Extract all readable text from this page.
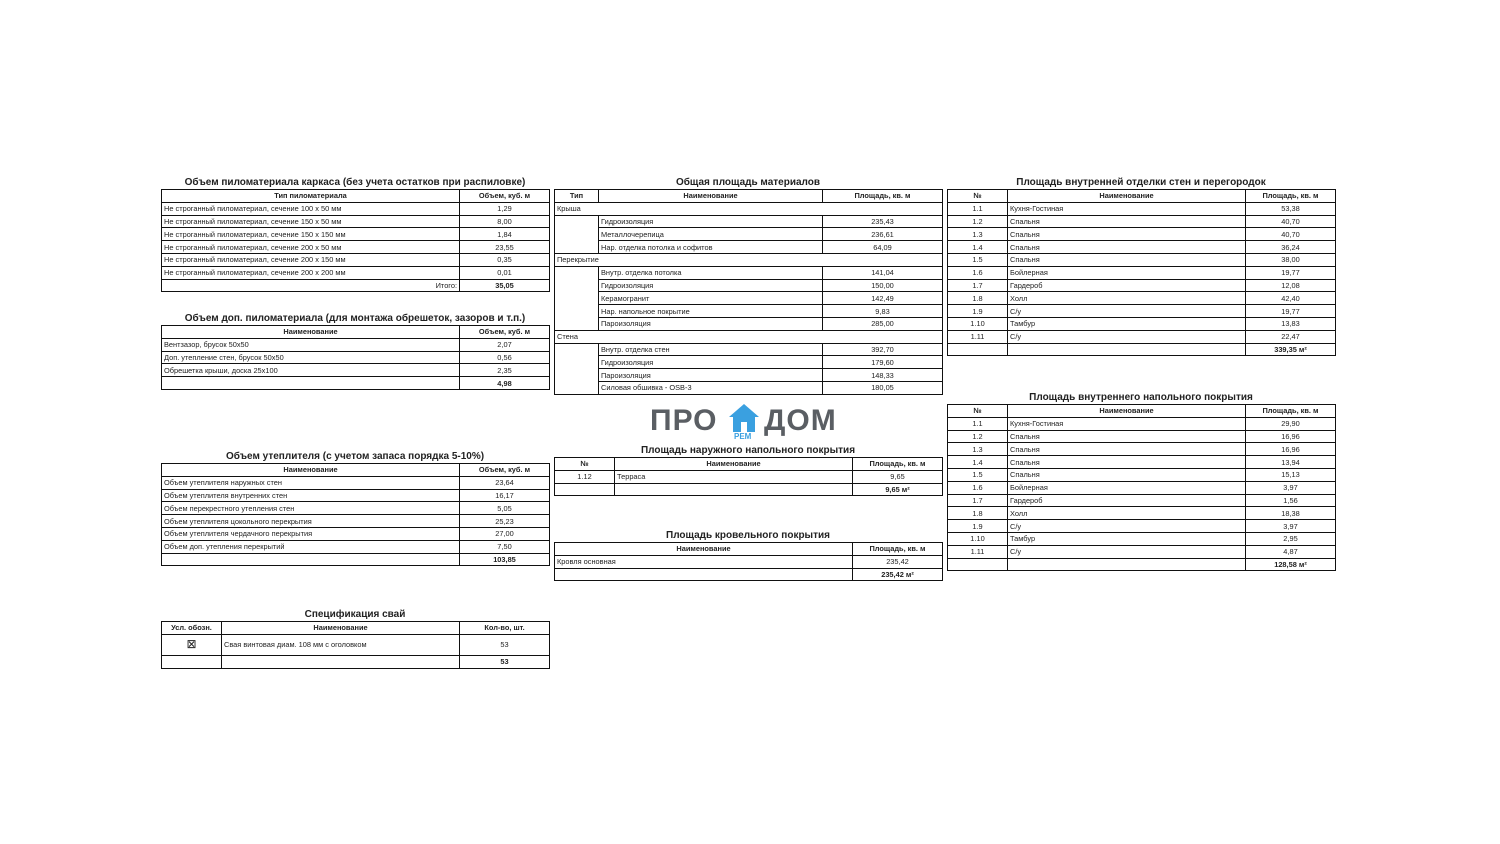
Объем пиломатериала каркаса (без учета остатков при распиловке)
Тип пиломатериала	Объем, куб. м
Не строганный пиломатериал, сечение 100 х 50 мм	1,29
Не строганный пиломатериал, сечение 150 х 50 мм	8,00
Не строганный пиломатериал, сечение 150 х 150 мм	1,84
Не строганный пиломатериал, сечение 200 х 50 мм	23,55
Не строганный пиломатериал, сечение 200 х 150 мм	0,35
Не строганный пиломатериал, сечение 200 х 200 мм	0,01
Итого:	35,05
Объем доп. пиломатериала (для монтажа обрешеток, зазоров и т.п.)
Наименование	Объем, куб. м
Вентзазор, брусок 50х50	2,07
Доп. утепление стен, брусок 50х50	0,56
Обрешетка крыши, доска 25х100	2,35
	4,98
Объем утеплителя (с учетом запаса порядка 5-10%)
Наименование	Объем, куб. м
Объем утеплителя наружных стен	23,64
Объем утеплителя внутренних стен	16,17
Объем перекрестного утепления стен	5,05
Объем утеплителя цокольного перекрытия	25,23
Объем утеплителя чердачного перекрытия	27,00
Объем доп. утепления перекрытий	7,50
	103,85
Спецификация свай
Усл. обозн.	Наименование	Кол-во, шт.
⊠	Свая винтовая диам. 108 мм с оголовком	53
		53
Общая площадь материалов
Тип	Наименование	Площадь, кв. м
Крыша		
	Гидроизоляция	235,43
	Металлочерепица	236,61
	Нар. отделка потолка и софитов	64,09
Перекрытие		
	Внутр. отделка потолка	141,04
	Гидроизоляция	150,00
	Керамогранит	142,49
	Нар. напольное покрытие	9,83
	Пароизоляция	285,00
Стена		
	Внутр. отделка стен	392,70
	Гидроизоляция	179,60
	Пароизоляция	148,33
	Силовая обшивка - OSB-3	180,05
ПРО РЕМ ДОМ
Площадь наружного напольного покрытия
№	Наименование	Площадь, кв. м
1.12	Терраса	9,65
		9,65 м²
Площадь кровельного покрытия
Наименование	Площадь, кв. м
Кровля основная	235,42
	235,42 м²
Площадь внутренней отделки стен и перегородок
№	Наименование	Площадь, кв. м
1.1	Кухня-Гостиная	53,38
1.2	Спальня	40,70
1.3	Спальня	40,70
1.4	Спальня	36,24
1.5	Спальня	38,00
1.6	Бойлерная	19,77
1.7	Гардероб	12,08
1.8	Холл	42,40
1.9	С/у	19,77
1.10	Тамбур	13,83
1.11	С/у	22,47
		339,35 м²
Площадь внутреннего напольного покрытия
№	Наименование	Площадь, кв. м
1.1	Кухня-Гостиная	29,90
1.2	Спальня	16,96
1.3	Спальня	16,96
1.4	Спальня	13,94
1.5	Спальня	15,13
1.6	Бойлерная	3,97
1.7	Гардероб	1,56
1.8	Холл	18,38
1.9	С/у	3,97
1.10	Тамбур	2,95
1.11	С/у	4,87
		128,58 м²
